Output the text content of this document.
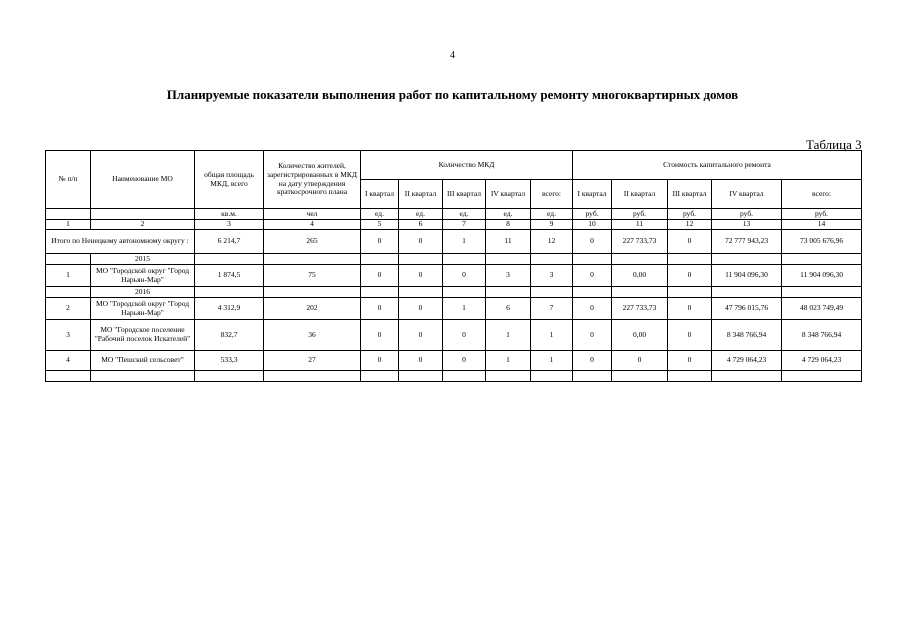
4
Планируемые показатели выполнения работ по капитальному ремонту многоквартирных домов
Таблица 3
№ п/п	Наименование МО	общая площадь МКД, всего	Количество жителей, зарегистрированных в МКД на дату утверждения краткосрочного плана	Количество МКД					Стоимость капитального ремонта				
				I квартал	II квартал	III квартал	IV квартал	всего:	I квартал	II квартал	III квартал	IV квартал	всего:
		кв.м.	чел	ед.	ед.	ед.	ед.	ед.	руб.	руб.	руб.	руб.	руб.
1	2	3	4	5	6	7	8	9	10	11	12	13	14
Итого по Ненецкому автономному округу :		6 214,7	265	0	0	1	11	12	0	227 733,73	0	72 777 943,23	73 005 676,96
	2015												
1	МО "Городской округ "Город Нарьян-Мар"	1 874,5	75	0	0	0	3	3	0	0,00	0	11 904 096,30	11 904 096,30
	2016												
2	МО "Городской округ "Город Нарьян-Мар"	4 312,9	202	0	0	1	6	7	0	227 733,73	0	47 796 015,76	48 023 749,49
3	МО "Городское поселение "Рабочий поселок Искателей"	832,7	36	0	0	0	1	1	0	0,00	0	8 348 766,94	8 348 766,94
4	МО "Пешский сельсовет"	533,3	27	0	0	0	1	1	0	0	0	4 729 064,23	4 729 064,23
